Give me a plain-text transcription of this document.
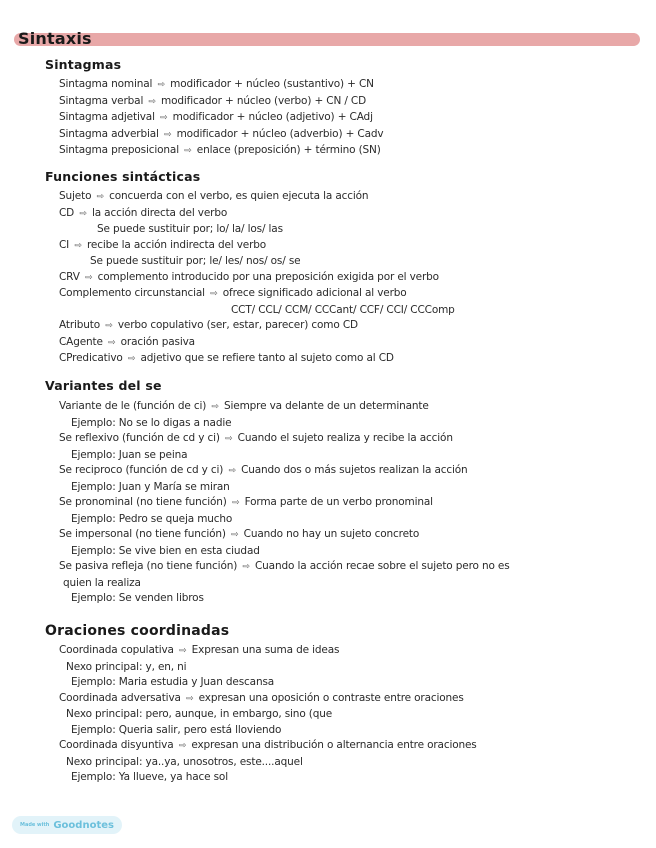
Sintaxis
Sintagmas
Sintagma nominal ⇨ modificador + núcleo (sustantivo) + CN
Sintagma verbal ⇨ modificador + núcleo (verbo) + CN / CD
Sintagma adjetival ⇨ modificador + núcleo (adjetivo) + CAdj
Sintagma adverbial ⇨ modificador + núcleo (adverbio) + Cadv
Sintagma preposicional ⇨ enlace (preposición) + término (SN)
Funciones sintácticas
Sujeto ⇨ concuerda con el verbo, es quien ejecuta la acción
CD ⇨ la acción directa del verbo
Se puede sustituir por; lo/ la/ los/ las
CI ⇨ recibe la acción indirecta del verbo
Se puede sustituir por; le/ les/ nos/ os/ se
CRV ⇨ complemento introducido por una preposición exigida por el verbo
Complemento circunstancial ⇨ ofrece significado adicional al verbo
CCT/ CCL/ CCM/ CCCant/ CCF/ CCI/ CCComp
Atributo ⇨ verbo copulativo (ser, estar, parecer) como CD
CAgente ⇨ oración pasiva
CPredicativo ⇨ adjetivo que se refiere tanto al sujeto como al CD
Variantes del se
Variante de le (función de ci) ⇨ Siempre va delante de un determinante
Ejemplo: No se lo digas a nadie
Se reflexivo (función de cd y ci) ⇨ Cuando el sujeto realiza y recibe la acción
Ejemplo: Juan se peina
Se reciproco (función de cd y ci) ⇨ Cuando dos o más sujetos realizan la acción
Ejemplo: Juan y María se miran
Se pronominal (no tiene función) ⇨ Forma parte de un verbo pronominal
Ejemplo: Pedro se queja mucho
Se impersonal (no tiene función) ⇨ Cuando no hay un sujeto concreto
Ejemplo: Se vive bien en esta ciudad
Se pasiva refleja (no tiene función) ⇨ Cuando la acción recae sobre el sujeto pero no es
quien la realiza
Ejemplo: Se venden libros
Oraciones coordinadas
Coordinada copulativa ⇨ Expresan una suma de ideas
Nexo principal: y, en, ni
Ejemplo: Maria estudia y Juan descansa
Coordinada adversativa ⇨ expresan una oposición o contraste entre oraciones
Nexo principal: pero, aunque, in embargo, sino (que
Ejemplo: Queria salir, pero está lloviendo
Coordinada disyuntiva ⇨ expresan una distribución o alternancia entre oraciones
Nexo principal: ya..ya, unosotros, este....aquel
Ejemplo: Ya llueve, ya hace sol
Made with Goodnotes
